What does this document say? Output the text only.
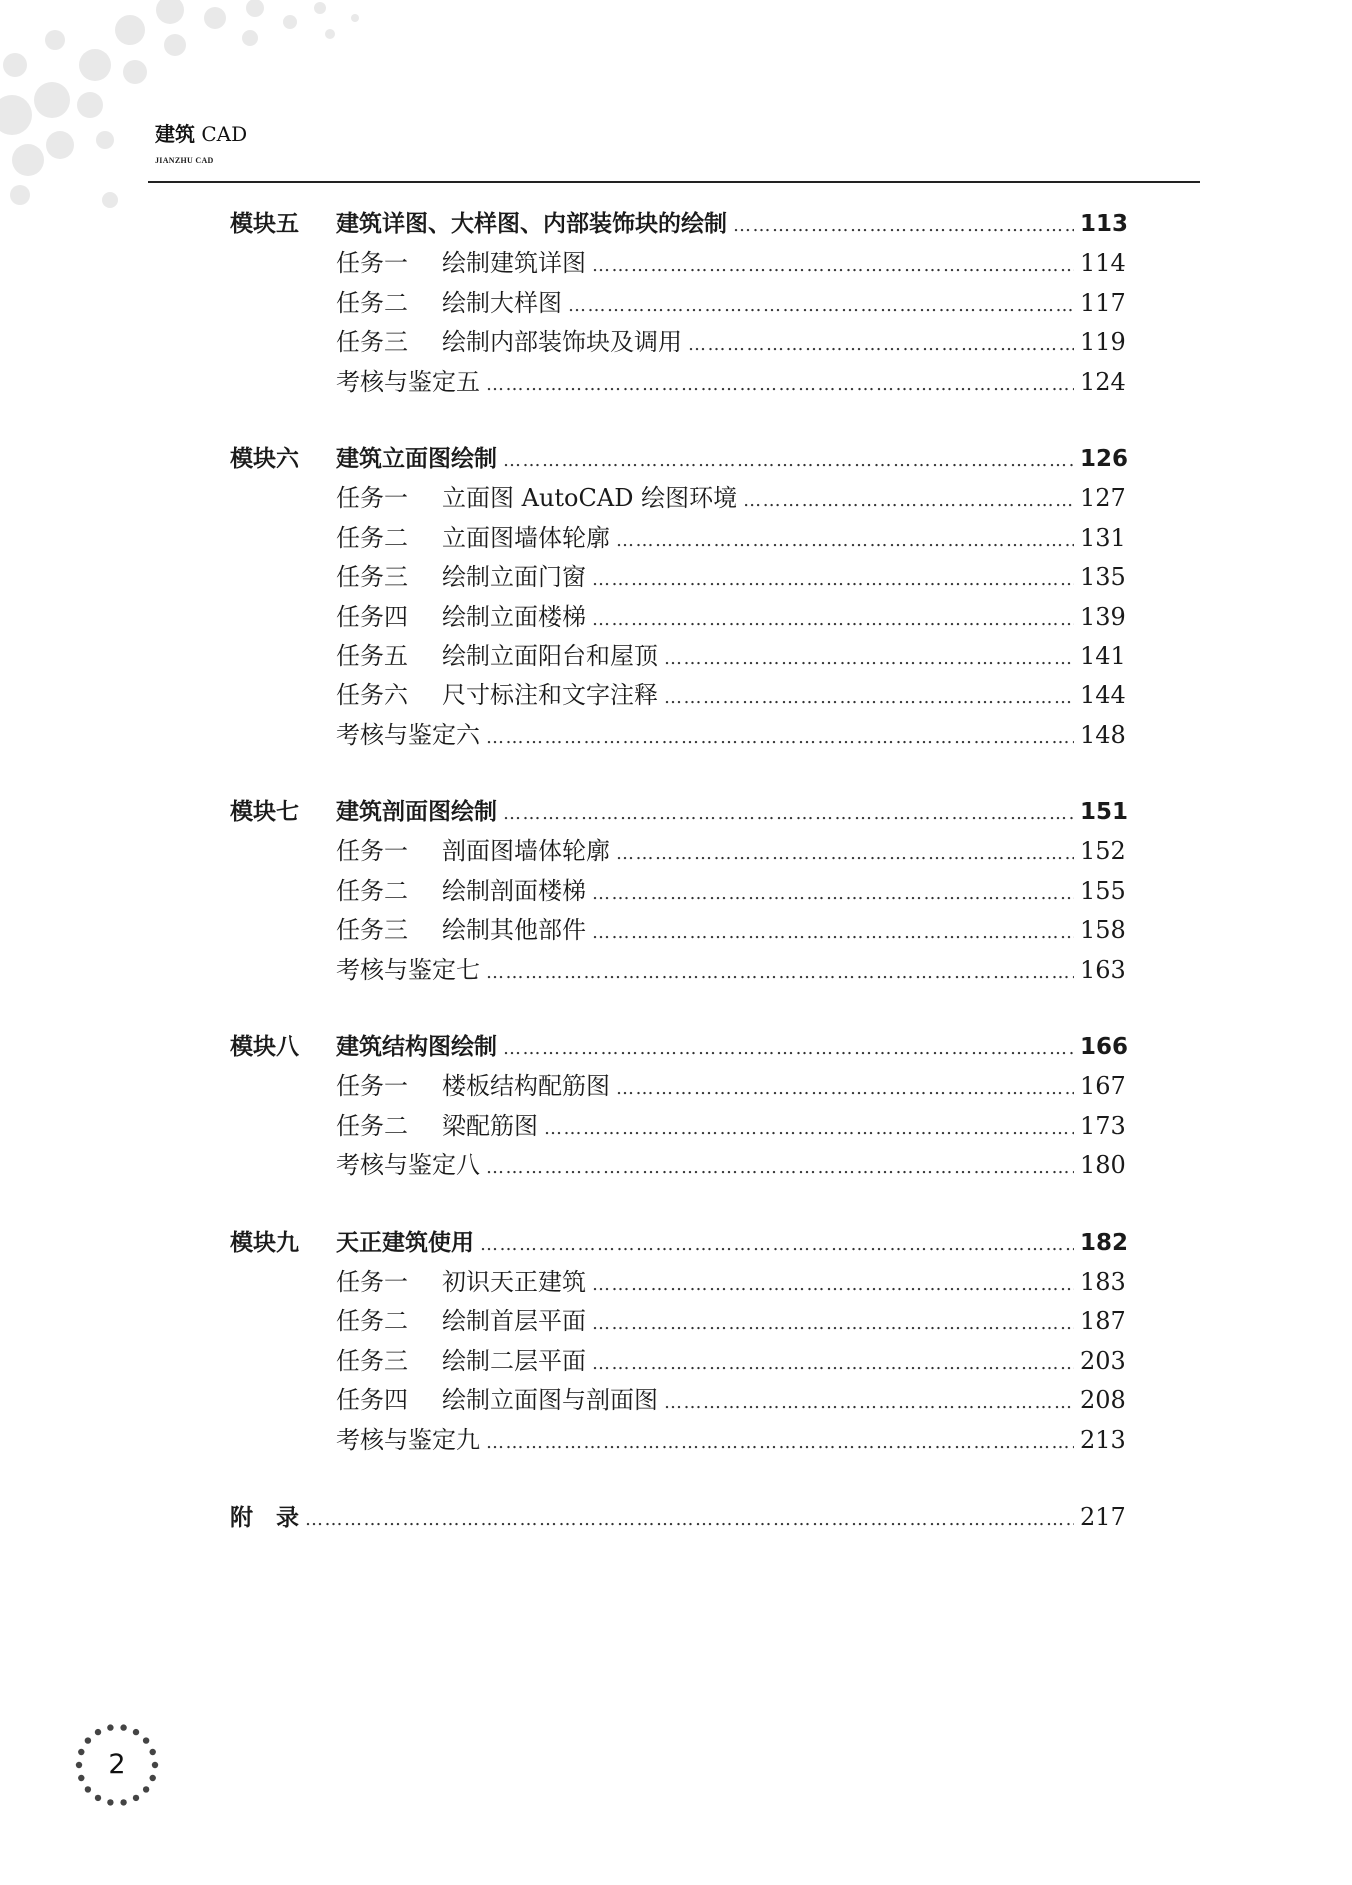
建筑 CAD
JIANZHU CAD
模块五 建筑详图、大样图、内部装饰块的绘制 ……………………………………………………………………………………………………………………………………………………………………………………	113
任务一 绘制建筑详图 ……………………………………………………………………………………………………………………………………………………………………………………	114
任务二 绘制大样图 ……………………………………………………………………………………………………………………………………………………………………………………	117
任务三 绘制内部装饰块及调用 ……………………………………………………………………………………………………………………………………………………………………………………	119
考核与鉴定五 ……………………………………………………………………………………………………………………………………………………………………………………	124
模块六 建筑立面图绘制 ……………………………………………………………………………………………………………………………………………………………………………………	126
任务一 立面图 AutoCAD 绘图环境 ……………………………………………………………………………………………………………………………………………………………………………………	127
任务二 立面图墙体轮廓 ……………………………………………………………………………………………………………………………………………………………………………………	131
任务三 绘制立面门窗 ……………………………………………………………………………………………………………………………………………………………………………………	135
任务四 绘制立面楼梯 ……………………………………………………………………………………………………………………………………………………………………………………	139
任务五 绘制立面阳台和屋顶 ……………………………………………………………………………………………………………………………………………………………………………………	141
任务六 尺寸标注和文字注释 ……………………………………………………………………………………………………………………………………………………………………………………	144
考核与鉴定六 ……………………………………………………………………………………………………………………………………………………………………………………	148
模块七 建筑剖面图绘制 ……………………………………………………………………………………………………………………………………………………………………………………	151
任务一 剖面图墙体轮廓 ……………………………………………………………………………………………………………………………………………………………………………………	152
任务二 绘制剖面楼梯 ……………………………………………………………………………………………………………………………………………………………………………………	155
任务三 绘制其他部件 ……………………………………………………………………………………………………………………………………………………………………………………	158
考核与鉴定七 ……………………………………………………………………………………………………………………………………………………………………………………	163
模块八 建筑结构图绘制 ……………………………………………………………………………………………………………………………………………………………………………………	166
任务一 楼板结构配筋图 ……………………………………………………………………………………………………………………………………………………………………………………	167
任务二 梁配筋图 ……………………………………………………………………………………………………………………………………………………………………………………	173
考核与鉴定八 ……………………………………………………………………………………………………………………………………………………………………………………	180
模块九 天正建筑使用 ……………………………………………………………………………………………………………………………………………………………………………………	182
任务一 初识天正建筑 ……………………………………………………………………………………………………………………………………………………………………………………	183
任务二 绘制首层平面 ……………………………………………………………………………………………………………………………………………………………………………………	187
任务三 绘制二层平面 ……………………………………………………………………………………………………………………………………………………………………………………	203
任务四 绘制立面图与剖面图 ……………………………………………………………………………………………………………………………………………………………………………………	208
考核与鉴定九 ……………………………………………………………………………………………………………………………………………………………………………………	213
附　录 ……………………………………………………………………………………………………………………………………………………………………………………	217
2
